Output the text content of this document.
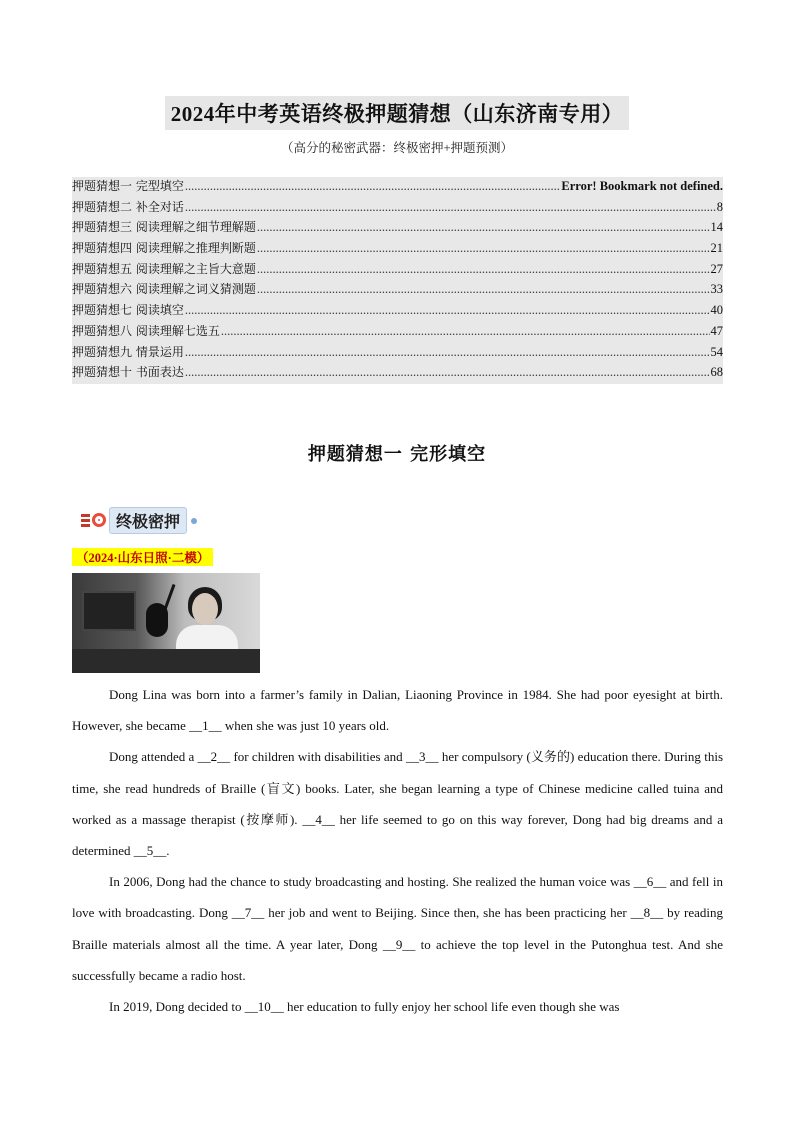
2024年中考英语终极押题猜想（山东济南专用）
（高分的秘密武器：终极密押+押题预测）
押题猜想一 完型填空 .....	Error! Bookmark not defined.
押题猜想二 补全对话 .....	8
押题猜想三 阅读理解之细节理解题 .....	14
押题猜想四 阅读理解之推理判断题 .....	21
押题猜想五 阅读理解之主旨大意题 .....	27
押题猜想六 阅读理解之词义猜测题 .....	33
押题猜想七 阅读填空 .....	40
押题猜想八 阅读理解七选五 .....	47
押题猜想九 情景运用 .....	54
押题猜想十 书面表达 .....	68
押题猜想一 完形填空
终极密押
（2024·山东日照·二模）

Dong Lina was born into a farmer’s family in Dalian, Liaoning Province in 1984. She had poor eyesight at birth. However, she became __1__ when she was just 10 years old.

Dong attended a __2__ for children with disabilities and __3__ her compulsory (义务的) education there. During this time, she read hundreds of Braille (盲文) books. Later, she began learning a type of Chinese medicine called tuina and worked as a massage therapist (按摩师). __4__ her life seemed to go on this way forever, Dong had big dreams and a determined __5__.

In 2006, Dong had the chance to study broadcasting and hosting. She realized the human voice was __6__ and fell in love with broadcasting. Dong __7__ her job and went to Beijing. Since then, she has been practicing her __8__ by reading Braille materials almost all the time. A year later, Dong __9__ to achieve the top level in the Putonghua test. And she successfully became a radio host.

In 2019, Dong decided to __10__ her education to fully enjoy her school life even though she was
